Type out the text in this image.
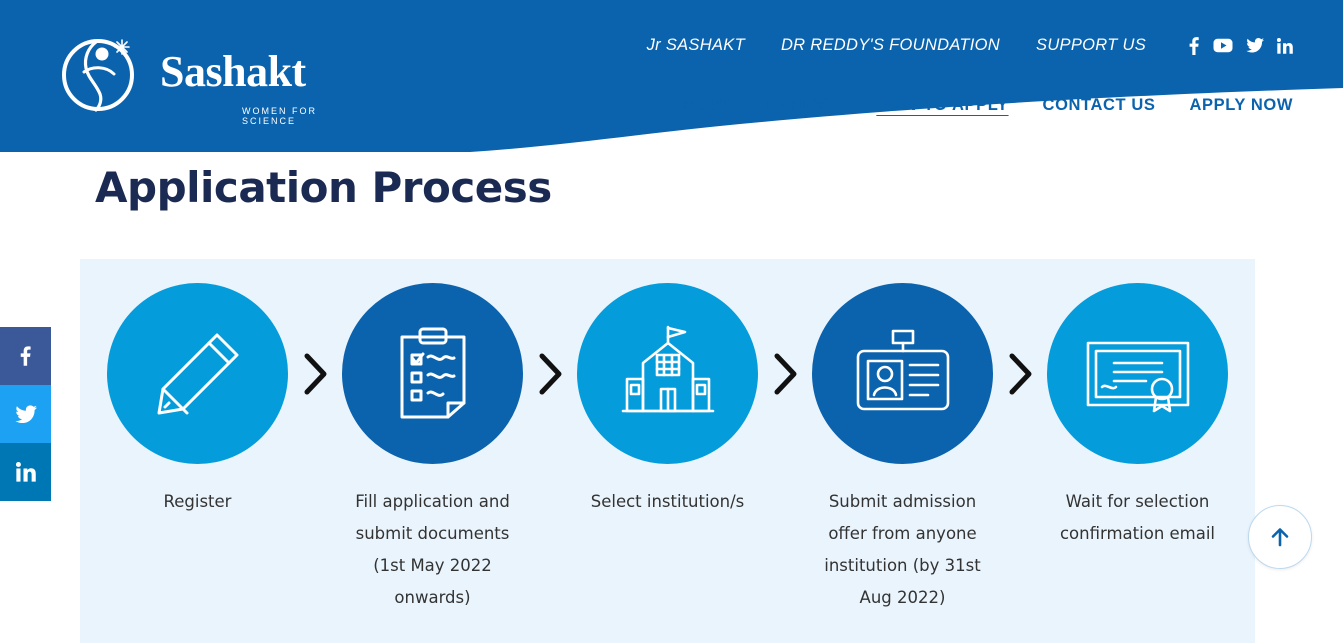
Sashakt
WOMEN FOR SCIENCE
Jr SASHAKT DR REDDY'S FOUNDATION SUPPORT US
ABOUT DONORS HOW TO APPLY CONTACT US APPLY NOW
Application Process
Register	Fill application and submit documents (1st May 2022 onwards)
Select institution/s	Submit admission offer from anyone institution (by 31st Aug 2022)
Wait for selection confirmation email
